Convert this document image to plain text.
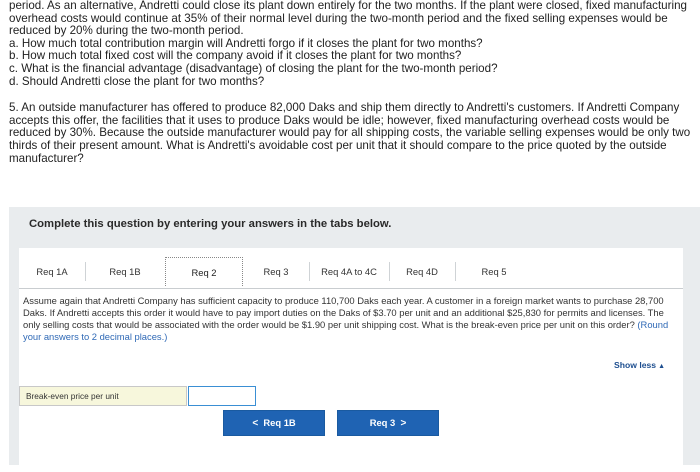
period. As an alternative, Andretti could close its plant down entirely for the two months. If the plant were closed, fixed manufacturing overhead costs would continue at 35% of their normal level during the two-month period and the fixed selling expenses would be reduced by 20% during the two-month period.

a. How much total contribution margin will Andretti forgo if it closes the plant for two months?

b. How much total fixed cost will the company avoid if it closes the plant for two months?

c. What is the financial advantage (disadvantage) of closing the plant for the two-month period?

d. Should Andretti close the plant for two months?

5. An outside manufacturer has offered to produce 82,000 Daks and ship them directly to Andretti's customers. If Andretti Company accepts this offer, the facilities that it uses to produce Daks would be idle; however, fixed manufacturing overhead costs would be reduced by 30%. Because the outside manufacturer would pay for all shipping costs, the variable selling expenses would be only two thirds of their present amount. What is Andretti's avoidable cost per unit that it should compare to the price quoted by the outside manufacturer?

Complete this question by entering your answers in the tabs below.
Req 1A	Req 1B	Req 2	Req 3	Req 4A to 4C	Req 4D	Req 5
Assume again that Andretti Company has sufficient capacity to produce 110,700 Daks each year. A customer in a foreign market wants to purchase 28,700 Daks. If Andretti accepts this order it would have to pay import duties on the Daks of $3.70 per unit and an additional $25,830 for permits and licenses. The only selling costs that would be associated with the order would be $1.90 per unit shipping cost. What is the break-even price per unit on this order? (Round your answers to 2 decimal places.)
Show less ▲
Break-even price per unit
< Req 1B	Req 3 >
